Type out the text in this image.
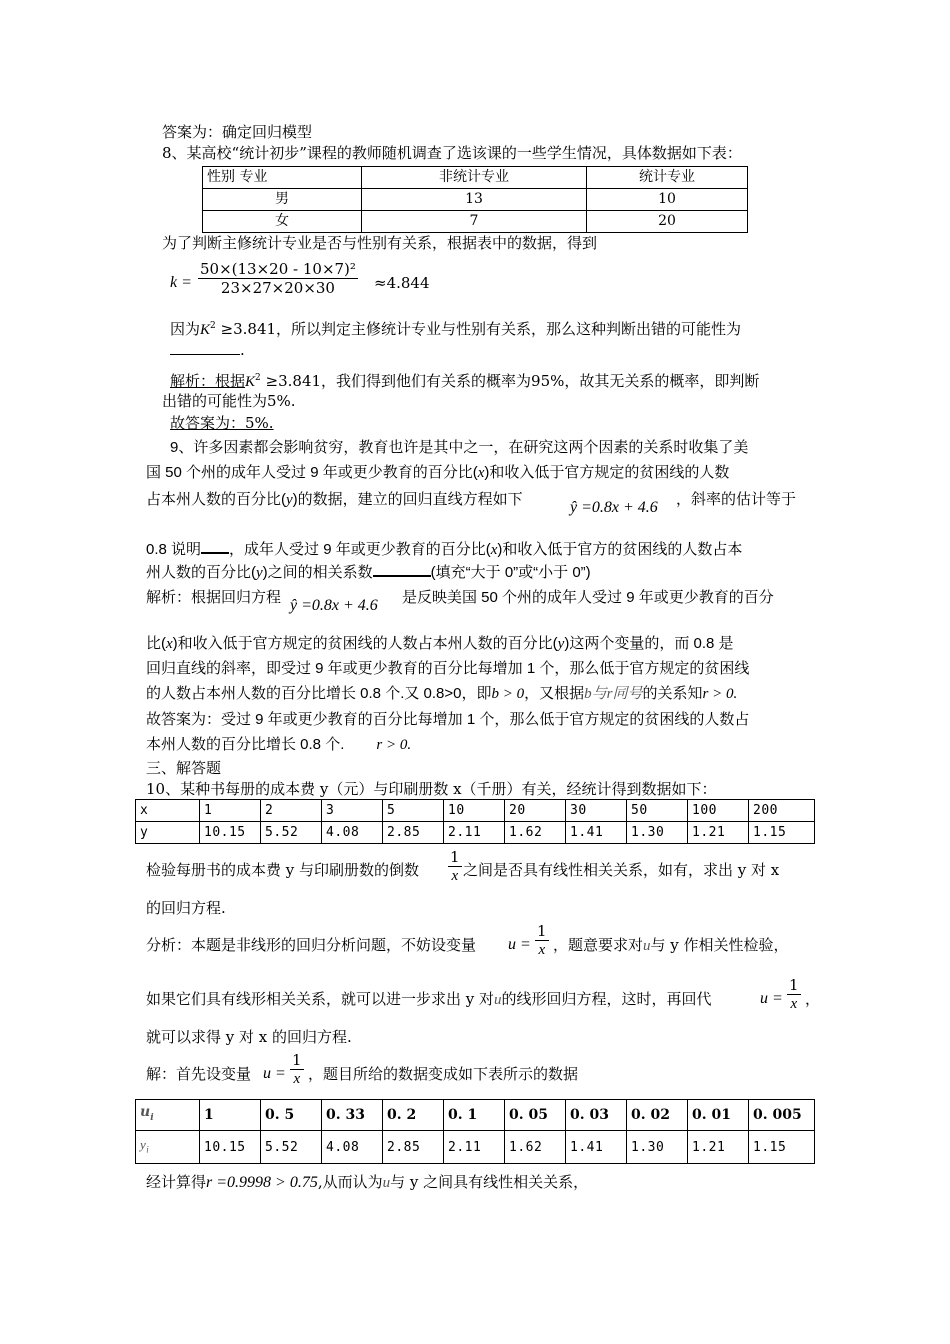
答案为：确定回归模型
8、某高校“统计初步”课程的教师随机调查了选该课的一些学生情况，具体数据如下表：
性别 专业	非统计专业	统计专业
男	13	10
女	7	20
为了判断主修统计专业是否与性别有关系，根据表中的数据，得到
$k = \frac{\text{50×(13×20 - 10×7)²}}{23\times 27\times 20\times 30} \approx 4.844$
因为$K^2 \ge 3.841$，所以判定主修统计专业与性别有关系，那么这种判断出错的可能性为
.
解析：根据$K^2 \ge 3.841$，我们得到他们有关系的概率为95%，故其无关系的概率，即判断
出错的可能性为5%.
故答案为：5%.
9、许多因素都会影响贫穷，教育也许是其中之一，在研究这两个因素的关系时收集了美
国 50 个州的成年人受过 9 年或更少教育的百分比(x)和收入低于官方规定的贫困线的人数
占本州人数的百分比(y)的数据，建立的回归直线方程如下	ŷ =0.8x + 4.6 ，斜率的估计等于
0.8 说明 ，成年人受过 9 年或更少教育的百分比(x)和收入低于官方的贫困线的人数占本
州人数的百分比(y)之间的相关系数	(填充“大于 0”或“小于 0”)
解析：根据回归方程 ŷ =0.8x + 4.6 是反映美国 50 个州的成年人受过 9 年或更少教育的百分
比(x)和收入低于官方规定的贫困线的人数占本州人数的百分比(y)这两个变量的，而 0.8 是
回归直线的斜率，即受过 9 年或更少教育的百分比每增加 1 个，那么低于官方规定的贫困线
的人数占本州人数的百分比增长 0.8 个.又 0.8>0，即b > 0，又根据b与r同号的关系知r > 0.
故答案为：受过 9 年或更少教育的百分比每增加 1 个，那么低于官方规定的贫困线的人数占
本州人数的百分比增长 0.8 个. r > 0.
三、解答题
10、某种书每册的成本费 y（元）与印刷册数 x（千册）有关，经统计得到数据如下：
x	1	2	3	5	10	20	30	50	100	200
y	10.15	5.52	4.08	2.85	2.11	1.62	1.41	1.30	1.21	1.15
检验每册书的成本费 y 与印刷册数的倒数 $\frac{1}{x}$ 之间是否具有线性相关关系，如有，求出 y 对 x
的回归方程.
分析：本题是非线形的回归分析问题，不妨设变量 $u = \frac{1}{x}$ ，题意要求对u与 y 作相关性检验，
如果它们具有线形相关关系，就可以进一步求出 y 对u的线形回归方程，这时，再回代	$u = \frac{1}{x}$ ，
就可以求得 y 对 x 的回归方程.
解：首先设变量 $u = \frac{1}{x}$ ，题目所给的数据变成如下表所示的数据
$u_i$	1	0. 5	0. 33	0. 2	0. 1	0. 05	0. 03	0. 02	0. 01	0. 005
$y_i$	10.15	5.52	4.08	2.85	2.11	1.62	1.41	1.30	1.21	1.15
经计算得r =0.9998 > 0.75,从而认为u与 y 之间具有线性相关关系，
